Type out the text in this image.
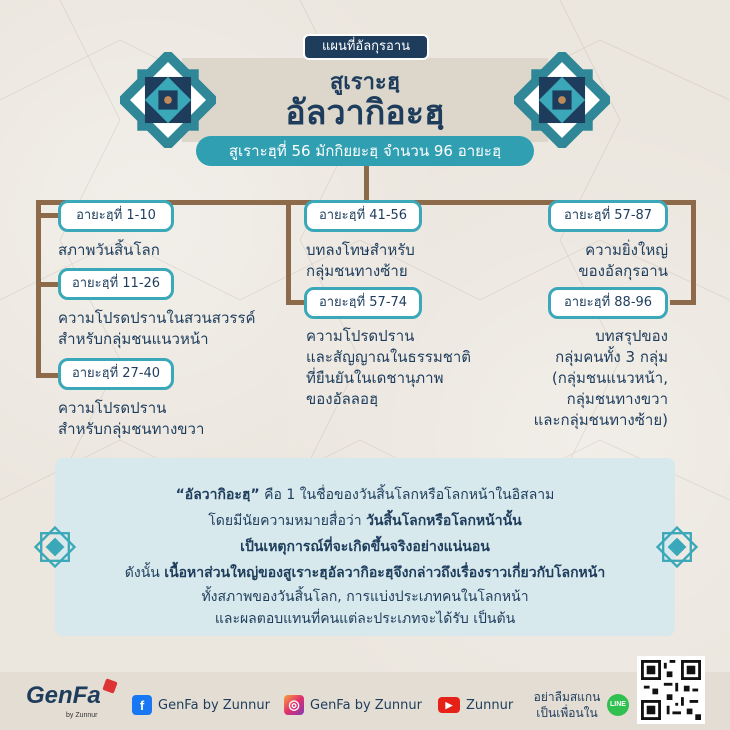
แผนที่อัลกุรอาน
สูเราะฮฺ
อัลวากิอะฮฺ
สูเราะฮฺที่ 56 มักกิยยะฮฺ จำนวน 96 อายะฮฺ
อายะฮฺที่ 1-10
สภาพวันสิ้นโลก
อายะฮฺที่ 11-26
ความโปรดปรานในสวนสวรรค์
สำหรับกลุ่มชนแนวหน้า
อายะฮฺที่ 27-40
ความโปรดปราน
สำหรับกลุ่มชนทางขวา
อายะฮฺที่ 41-56
บทลงโทษสำหรับ
กลุ่มชนทางซ้าย
อายะฮฺที่ 57-74
ความโปรดปราน
และสัญญาณในธรรมชาติ
ที่ยืนยันในเดชานุภาพ
ของอัลลอฮฺ
อายะฮฺที่ 57-87
ความยิ่งใหญ่
ของอัลกุรอาน
อายะฮฺที่ 88-96
บทสรุปของ
กลุ่มคนทั้ง 3 กลุ่ม
(กลุ่มชนแนวหน้า,
กลุ่มชนทางขวา
และกลุ่มชนทางซ้าย)
“อัลวากิอะฮฺ” คือ 1 ในชื่อของวันสิ้นโลกหรือโลกหน้าในอิสลาม
โดยมีนัยความหมายสื่อว่า วันสิ้นโลกหรือโลกหน้านั้น
เป็นเหตุการณ์ที่จะเกิดขึ้นจริงอย่างแน่นอน
ดังนั้น เนื้อหาส่วนใหญ่ของสูเราะฮฺอัลวากิอะฮฺจึงกล่าวถึงเรื่องราวเกี่ยวกับโลกหน้า
ทั้งสภาพของวันสิ้นโลก, การแบ่งประเภทคนในโลกหน้า
และผลตอบแทนที่คนแต่ละประเภทจะได้รับ เป็นต้น
GenFa
by Zunnur
f	GenFa by Zunnur	◎ GenFa by Zunnur	▶	Zunnur
อย่าลืมสแกน
เป็นเพื่อนใน
LINE
